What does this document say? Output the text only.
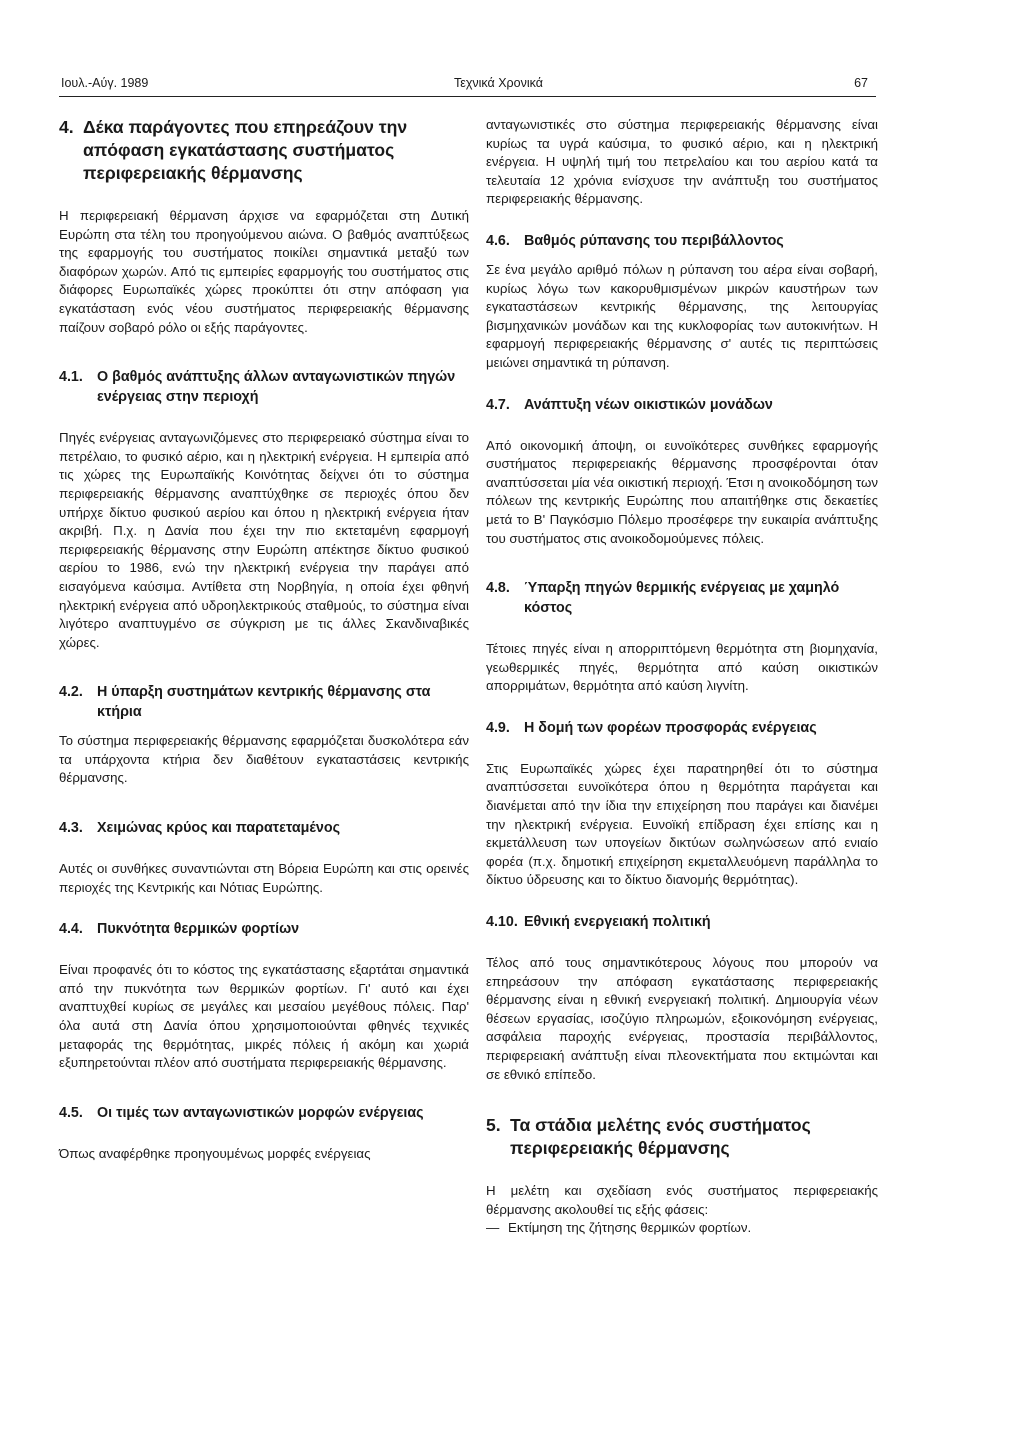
Ιουλ.-Αύγ. 1989	Τεχνικά Χρονικά	67
4. Δέκα παράγοντες που επηρεάζουν την απόφαση εγκατάστασης συστήματος περιφερειακής θέρμανσης

Η περιφερειακή θέρμανση άρχισε να εφαρμόζεται στη Δυτική Ευρώπη στα τέλη του προηγούμενου αιώνα. Ο βαθμός αναπτύξεως της εφαρμογής του συστήματος ποικίλει σημαντικά μεταξύ των διαφόρων χωρών. Από τις εμπειρίες εφαρμογής του συστήματος στις διάφορες Ευρωπαϊκές χώρες προκύπτει ότι στην απόφαση για εγκατάσταση ενός νέου συστήματος περιφερειακής θέρμανσης παίζουν σοβαρό ρόλο οι εξής παράγοντες.

4.1. Ο βαθμός ανάπτυξης άλλων ανταγωνιστικών πηγών ενέργειας στην περιοχή

Πηγές ενέργειας ανταγωνιζόμενες στο περιφερειακό σύστημα είναι το πετρέλαιο, το φυσικό αέριο, και η ηλεκτρική ενέργεια. Η εμπειρία από τις χώρες της Ευρωπαϊκής Κοινότητας δείχνει ότι το σύστημα περιφερειακής θέρμανσης αναπτύχθηκε σε περιοχές όπου δεν υπήρχε δίκτυο φυσικού αερίου και όπου η ηλεκτρική ενέργεια ήταν ακριβή. Π.χ. η Δανία που έχει την πιο εκτεταμένη εφαρμογή περιφερειακής θέρμανσης στην Ευρώπη απέκτησε δίκτυο φυσικού αερίου το 1986, ενώ την ηλεκτρική ενέργεια την παράγει από εισαγόμενα καύσιμα. Αντίθετα στη Νορβηγία, η οποία έχει φθηνή ηλεκτρική ενέργεια από υδροηλεκτρικούς σταθμούς, το σύστημα είναι λιγότερο αναπτυγμένο σε σύγκριση με τις άλλες Σκανδιναβικές χώρες.

4.2. Η ύπαρξη συστημάτων κεντρικής θέρμανσης στα κτήρια

Το σύστημα περιφερειακής θέρμανσης εφαρμόζεται δυσκολότερα εάν τα υπάρχοντα κτήρια δεν διαθέτουν εγκαταστάσεις κεντρικής θέρμανσης.

4.3. Χειμώνας κρύος και παρατεταμένος

Αυτές οι συνθήκες συναντιώνται στη Βόρεια Ευρώπη και στις ορεινές περιοχές της Κεντρικής και Νότιας Ευρώπης.

4.4. Πυκνότητα θερμικών φορτίων

Είναι προφανές ότι το κόστος της εγκατάστασης εξαρτάται σημαντικά από την πυκνότητα των θερμικών φορτίων. Γι' αυτό και έχει αναπτυχθεί κυρίως σε μεγάλες και μεσαίου μεγέθους πόλεις. Παρ' όλα αυτά στη Δανία όπου χρησιμοποιούνται φθηνές τεχνικές μεταφοράς της θερμότητας, μικρές πόλεις ή ακόμη και χωριά εξυπηρετούνται πλέον από συστήματα περιφερειακής θέρμανσης.

4.5. Οι τιμές των ανταγωνιστικών μορφών ενέργειας

Όπως αναφέρθηκε προηγουμένως μορφές ενέργειας

ανταγωνιστικές στο σύστημα περιφερειακής θέρμανσης είναι κυρίως τα υγρά καύσιμα, το φυσικό αέριο, και η ηλεκτρική ενέργεια. Η υψηλή τιμή του πετρελαίου και του αερίου κατά τα τελευταία 12 χρόνια ενίσχυσε την ανάπτυξη του συστήματος περιφερειακής θέρμανσης.

4.6. Βαθμός ρύπανσης του περιβάλλοντος

Σε ένα μεγάλο αριθμό πόλων η ρύπανση του αέρα είναι σοβαρή, κυρίως λόγω των κακορυθμισμένων μικρών καυστήρων των εγκαταστάσεων κεντρικής θέρμανσης, της λειτουργίας βισμηχανικών μονάδων και της κυκλοφορίας των αυτοκινήτων. Η εφαρμογή περιφερειακής θέρμανσης σ' αυτές τις περιπτώσεις μειώνει σημαντικά τη ρύπανση.

4.7. Ανάπτυξη νέων οικιστικών μονάδων

Από οικονομική άποψη, οι ευνοϊκότερες συνθήκες εφαρμογής συστήματος περιφερειακής θέρμανσης προσφέρονται όταν αναπτύσσεται μία νέα οικιστική περιοχή. Έτσι η ανοικοδόμηση των πόλεων της κεντρικής Ευρώπης που απαιτήθηκε στις δεκαετίες μετά το Β' Παγκόσμιο Πόλεμο προσέφερε την ευκαιρία ανάπτυξης του συστήματος στις ανοικοδομούμενες πόλεις.

4.8. Ύπαρξη πηγών θερμικής ενέργειας με χαμηλό κόστος

Τέτοιες πηγές είναι η απορριπτόμενη θερμότητα στη βιομηχανία, γεωθερμικές πηγές, θερμότητα από καύση οικιστικών απορριμάτων, θερμότητα από καύση λιγνίτη.

4.9. Η δομή των φορέων προσφοράς ενέργειας

Στις Ευρωπαϊκές χώρες έχει παρατηρηθεί ότι το σύστημα αναπτύσσεται ευνοϊκότερα όπου η θερμότητα παράγεται και διανέμεται από την ίδια την επιχείρηση που παράγει και διανέμει την ηλεκτρική ενέργεια. Ευνοϊκή επίδραση έχει επίσης και η εκμετάλλευση των υπογείων δικτύων σωληνώσεων από ενιαίο φορέα (π.χ. δημοτική επιχείρηση εκμεταλλευόμενη παράλληλα το δίκτυο ύδρευσης και το δίκτυο διανομής θερμότητας).

4.10. Εθνική ενεργειακή πολιτική

Τέλος από τους σημαντικότερους λόγους που μπορούν να επηρεάσουν την απόφαση εγκατάστασης περιφερειακής θέρμανσης είναι η εθνική ενεργειακή πολιτική. Δημιουργία νέων θέσεων εργασίας, ισοζύγιο πληρωμών, εξοικονόμηση ενέργειας, ασφάλεια παροχής ενέργειας, προστασία περιβάλλοντος, περιφερειακή ανάπτυξη είναι πλεονεκτήματα που εκτιμώνται και σε εθνικό επίπεδο.

5. Τα στάδια μελέτης ενός συστήματος περιφερειακής θέρμανσης

Η μελέτη και σχεδίαση ενός συστήματος περιφερειακής θέρμανσης ακολουθεί τις εξής φάσεις:

— Εκτίμηση της ζήτησης θερμικών φορτίων.
